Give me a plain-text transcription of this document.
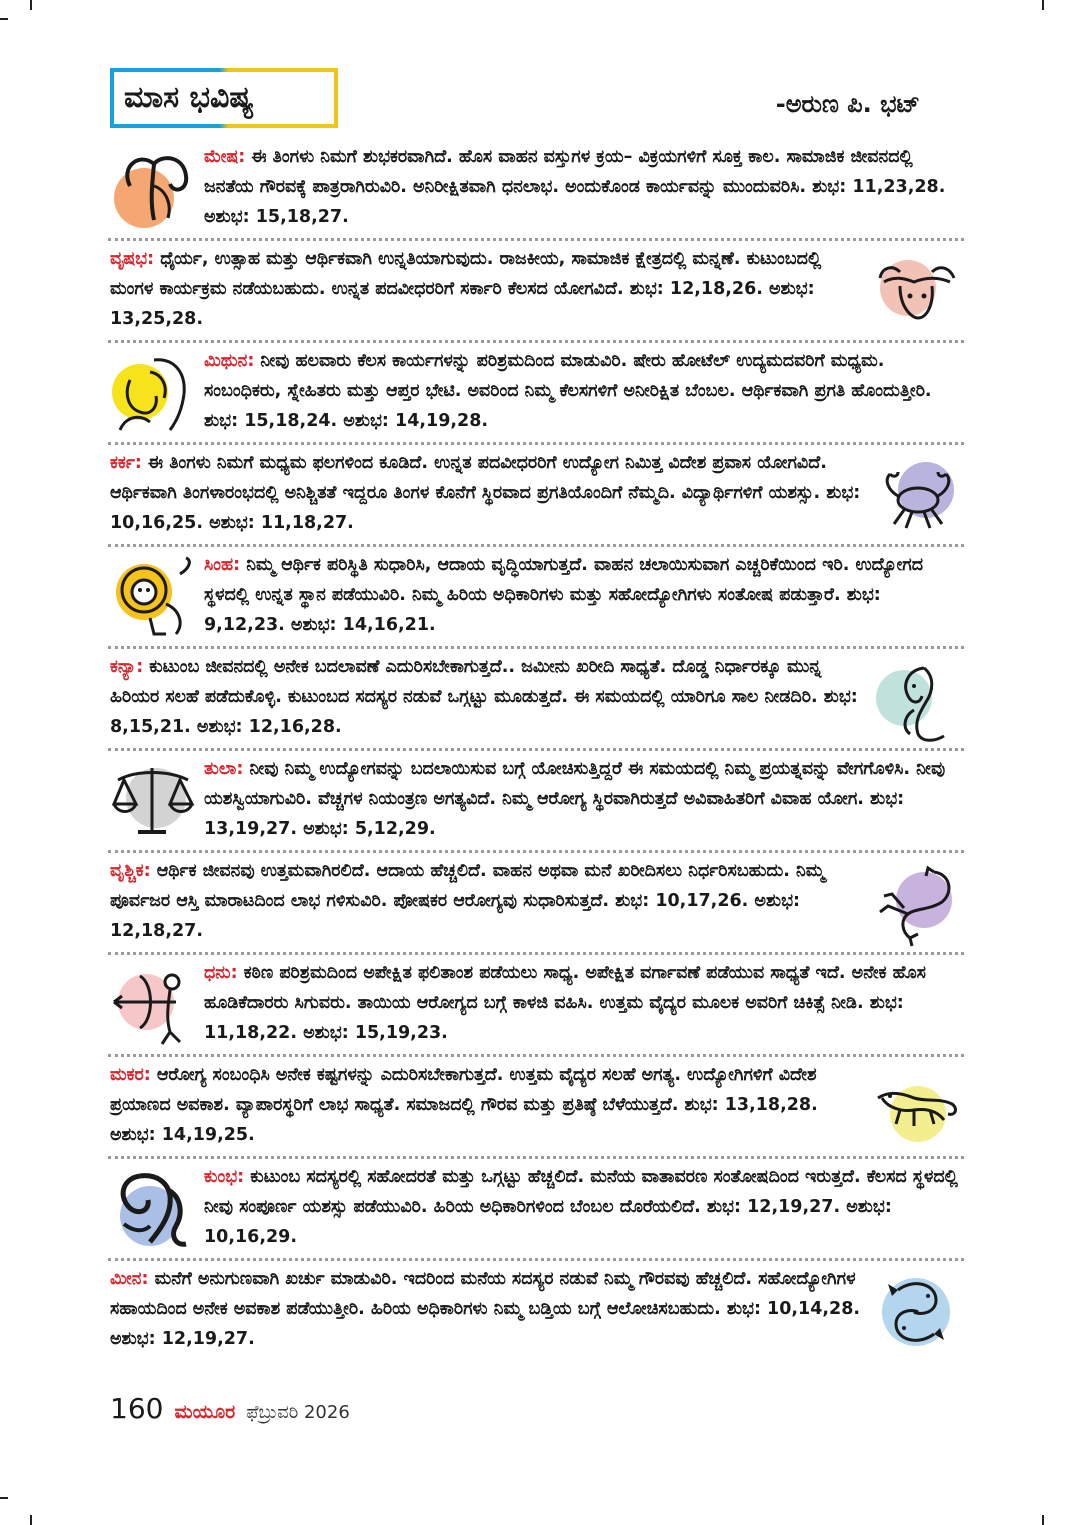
ಮಾಸ ಭವಿಷ್ಯ	-ಅರುಣ ಪಿ. ಭಟ್

ಮೇಷ: ಈ ತಿಂಗಳು ನಿಮಗೆ ಶುಭಕರವಾಗಿದೆ. ಹೊಸ ವಾಹನ ವಸ್ತುಗಳ ಕ್ರಯ– ವಿಕ್ರಯಗಳಿಗೆ ಸೂಕ್ತ ಕಾಲ. ಸಾಮಾಜಿಕ ಜೀವನದಲ್ಲಿ ಜನತೆಯ ಗೌರವಕ್ಕೆ ಪಾತ್ರರಾಗಿರುವಿರಿ. ಅನಿರೀಕ್ಷಿತವಾಗಿ ಧನಲಾಭ. ಅಂದುಕೊಂಡ ಕಾರ್ಯವನ್ನು ಮುಂದುವರಿಸಿ. ಶುಭ: 11,23,28. ಅಶುಭ: 15,18,27.

ವೃಷಭ: ಧೈರ್ಯ, ಉತ್ಸಾಹ ಮತ್ತು ಆರ್ಥಿಕವಾಗಿ ಉನ್ನತಿಯಾಗುವುದು. ರಾಜಕೀಯ, ಸಾಮಾಜಿಕ ಕ್ಷೇತ್ರದಲ್ಲಿ ಮನ್ನಣೆ. ಕುಟುಂಬದಲ್ಲಿ ಮಂಗಳ ಕಾರ್ಯಕ್ರಮ ನಡೆಯಬಹುದು. ಉನ್ನತ ಪದವೀಧರರಿಗೆ ಸರ್ಕಾರಿ ಕೆಲಸದ ಯೋಗವಿದೆ. ಶುಭ: 12,18,26. ಅಶುಭ: 13,25,28.

ಮಿಥುನ: ನೀವು ಹಲವಾರು ಕೆಲಸ ಕಾರ್ಯಗಳನ್ನು ಪರಿಶ್ರಮದಿಂದ ಮಾಡುವಿರಿ. ಷೇರು ಹೋಟೆಲ್ ಉದ್ಯಮದವರಿಗೆ ಮಧ್ಯಮ. ಸಂಬಂಧಿಕರು, ಸ್ನೇಹಿತರು ಮತ್ತು ಆಪ್ತರ ಭೇಟಿ. ಅವರಿಂದ ನಿಮ್ಮ ಕೆಲಸಗಳಿಗೆ ಅನೀರಿಕ್ಷಿತ ಬೆಂಬಲ. ಆರ್ಥಿಕವಾಗಿ ಪ್ರಗತಿ ಹೊಂದುತ್ತೀರಿ. ಶುಭ: 15,18,24. ಅಶುಭ: 14,19,28.

ಕರ್ಕ: ಈ ತಿಂಗಳು ನಿಮಗೆ ಮಧ್ಯಮ ಫಲಗಳಿಂದ ಕೂಡಿದೆ. ಉನ್ನತ ಪದವೀಧರರಿಗೆ ಉದ್ಯೋಗ ನಿಮಿತ್ತ ವಿದೇಶ ಪ್ರವಾಸ ಯೋಗವಿದೆ. ಆರ್ಥಿಕವಾಗಿ ತಿಂಗಳಾರಂಭದಲ್ಲಿ ಅನಿಶ್ಚಿತತೆ ಇದ್ದರೂ ತಿಂಗಳ ಕೊನೆಗೆ ಸ್ಥಿರವಾದ ಪ್ರಗತಿಯೊಂದಿಗೆ ನೆಮ್ಮದಿ. ವಿದ್ಯಾರ್ಥಿಗಳಿಗೆ ಯಶಸ್ಸು. ಶುಭ: 10,16,25. ಅಶುಭ: 11,18,27.

ಸಿಂಹ: ನಿಮ್ಮ ಆರ್ಥಿಕ ಪರಿಸ್ಥಿತಿ ಸುಧಾರಿಸಿ, ಆದಾಯ ವೃದ್ಧಿಯಾಗುತ್ತದೆ. ವಾಹನ ಚಲಾಯಿಸುವಾಗ ಎಚ್ಚರಿಕೆಯಿಂದ ಇರಿ. ಉದ್ಯೋಗದ ಸ್ಥಳದಲ್ಲಿ ಉನ್ನತ ಸ್ಥಾನ ಪಡೆಯುವಿರಿ. ನಿಮ್ಮ ಹಿರಿಯ ಅಧಿಕಾರಿಗಳು ಮತ್ತು ಸಹೋದ್ಯೋಗಿಗಳು ಸಂತೋಷ ಪಡುತ್ತಾರೆ. ಶುಭ: 9,12,23. ಅಶುಭ: 14,16,21.

ಕನ್ಯಾ: ಕುಟುಂಬ ಜೀವನದಲ್ಲಿ ಅನೇಕ ಬದಲಾವಣೆ ಎದುರಿಸಬೇಕಾಗುತ್ತದೆ.. ಜಮೀನು ಖರೀದಿ ಸಾಧ್ಯತೆ. ದೊಡ್ಡ ನಿರ್ಧಾರಕ್ಕೂ ಮುನ್ನ ಹಿರಿಯರ ಸಲಹೆ ಪಡೆದುಕೊಳ್ಳಿ. ಕುಟುಂಬದ ಸದಸ್ಯರ ನಡುವೆ ಒಗ್ಗಟ್ಟು ಮೂಡುತ್ತದೆ. ಈ ಸಮಯದಲ್ಲಿ ಯಾರಿಗೂ ಸಾಲ ನೀಡದಿರಿ. ಶುಭ: 8,15,21. ಅಶುಭ: 12,16,28.

ತುಲಾ: ನೀವು ನಿಮ್ಮ ಉದ್ಯೋಗವನ್ನು ಬದಲಾಯಿಸುವ ಬಗ್ಗೆ ಯೋಚಿಸುತ್ತಿದ್ದರೆ ಈ ಸಮಯದಲ್ಲಿ ನಿಮ್ಮ ಪ್ರಯತ್ನವನ್ನು ವೇಗಗೊಳಿಸಿ. ನೀವು ಯಶಸ್ವಿಯಾಗುವಿರಿ. ವೆಚ್ಚಗಳ ನಿಯಂತ್ರಣ ಅಗತ್ಯವಿದೆ. ನಿಮ್ಮ ಆರೋಗ್ಯ ಸ್ಥಿರವಾಗಿರುತ್ತದೆ ಅವಿವಾಹಿತರಿಗೆ ವಿವಾಹ ಯೋಗ. ಶುಭ: 13,19,27. ಅಶುಭ: 5,12,29.

ವೃಶ್ಚಿಕ: ಆರ್ಥಿಕ ಜೀವನವು ಉತ್ತಮವಾಗಿರಲಿದೆ. ಆದಾಯ ಹೆಚ್ಚಲಿದೆ. ವಾಹನ ಅಥವಾ ಮನೆ ಖರೀದಿಸಲು ನಿರ್ಧರಿಸಬಹುದು. ನಿಮ್ಮ ಪೂರ್ವಜರ ಆಸ್ತಿ ಮಾರಾಟದಿಂದ ಲಾಭ ಗಳಿಸುವಿರಿ. ಪೋಷಕರ ಆರೋಗ್ಯವು ಸುಧಾರಿಸುತ್ತದೆ. ಶುಭ: 10,17,26. ಅಶುಭ: 12,18,27.

ಧನು: ಕಠಿಣ ಪರಿಶ್ರಮದಿಂದ ಅಪೇಕ್ಷಿತ ಫಲಿತಾಂಶ ಪಡೆಯಲು ಸಾಧ್ಯ. ಅಪೇಕ್ಷಿತ ವರ್ಗಾವಣೆ ಪಡೆಯುವ ಸಾಧ್ಯತೆ ಇದೆ. ಅನೇಕ ಹೊಸ ಹೂಡಿಕೆದಾರರು ಸಿಗುವರು. ತಾಯಿಯ ಆರೋಗ್ಯದ ಬಗ್ಗೆ ಕಾಳಜಿ ವಹಿಸಿ. ಉತ್ತಮ ವೈದ್ಯರ ಮೂಲಕ ಅವರಿಗೆ ಚಿಕಿತ್ಸೆ ನೀಡಿ. ಶುಭ: 11,18,22. ಅಶುಭ: 15,19,23.

ಮಕರ: ಆರೋಗ್ಯ ಸಂಬಂಧಿಸಿ ಅನೇಕ ಕಷ್ಟಗಳನ್ನು ಎದುರಿಸಬೇಕಾಗುತ್ತದೆ. ಉತ್ತಮ ವೈದ್ಯರ ಸಲಹೆ ಅಗತ್ಯ. ಉದ್ಯೋಗಿಗಳಿಗೆ ವಿದೇಶ ಪ್ರಯಾಣದ ಅವಕಾಶ. ವ್ಯಾಪಾರಸ್ಥರಿಗೆ ಲಾಭ ಸಾಧ್ಯತೆ. ಸಮಾಜದಲ್ಲಿ ಗೌರವ ಮತ್ತು ಪ್ರತಿಷ್ಠೆ ಬೆಳೆಯುತ್ತದೆ. ಶುಭ: 13,18,28. ಅಶುಭ: 14,19,25.

ಕುಂಭ: ಕುಟುಂಬ ಸದಸ್ಯರಲ್ಲಿ ಸಹೋದರತೆ ಮತ್ತು ಒಗ್ಗಟ್ಟು ಹೆಚ್ಚಲಿದೆ. ಮನೆಯ ವಾತಾವರಣ ಸಂತೋಷದಿಂದ ಇರುತ್ತದೆ. ಕೆಲಸದ ಸ್ಥಳದಲ್ಲಿ ನೀವು ಸಂಪೂರ್ಣ ಯಶಸ್ಸು ಪಡೆಯುವಿರಿ. ಹಿರಿಯ ಅಧಿಕಾರಿಗಳಿಂದ ಬೆಂಬಲ ದೊರೆಯಲಿದೆ. ಶುಭ: 12,19,27. ಅಶುಭ: 10,16,29.

ಮೀನ: ಮನೆಗೆ ಅನುಗುಣವಾಗಿ ಖರ್ಚು ಮಾಡುವಿರಿ. ಇದರಿಂದ ಮನೆಯ ಸದಸ್ಯರ ನಡುವೆ ನಿಮ್ಮ ಗೌರವವು ಹೆಚ್ಚಲಿದೆ. ಸಹೋದ್ಯೋಗಿಗಳ ಸಹಾಯದಿಂದ ಅನೇಕ ಅವಕಾಶ ಪಡೆಯುತ್ತೀರಿ. ಹಿರಿಯ ಅಧಿಕಾರಿಗಳು ನಿಮ್ಮ ಬಡ್ತಿಯ ಬಗ್ಗೆ ಆಲೋಚಿಸಬಹುದು. ಶುಭ: 10,14,28. ಅಶುಭ: 12,19,27.

160 ಮಯೂರ ಫೆಬ್ರುವರಿ 2026
